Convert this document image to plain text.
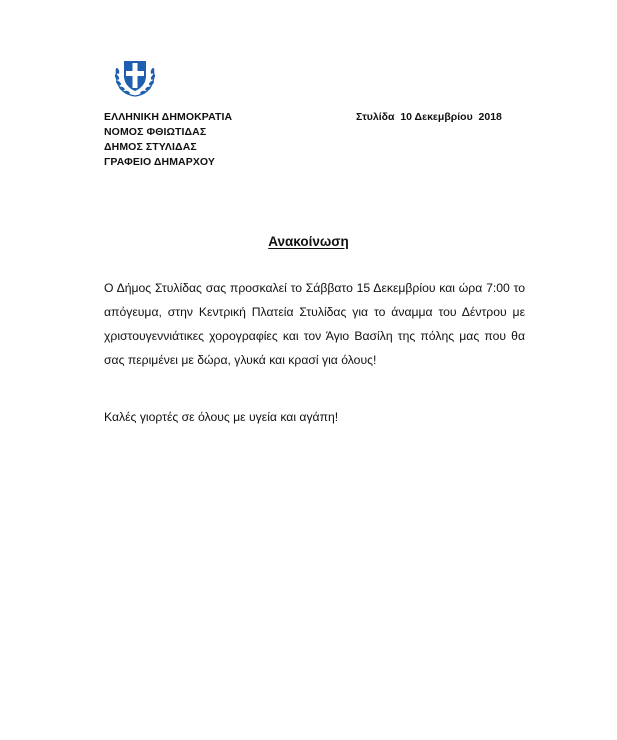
ΕΛΛΗΝΙΚΗ ΔΗΜΟΚΡΑΤΙΑ
ΝΟΜΟΣ ΦΘΙΩΤΙΔΑΣ
ΔΗΜΟΣ ΣΤΥΛΙΔΑΣ
ΓΡΑΦΕΙΟ ΔΗΜΑΡΧΟΥ
Στυλίδα  10 Δεκεμβρίου  2018
Ανακοίνωση

Ο Δήμος Στυλίδας σας προσκαλεί το Σάββατο 15 Δεκεμβρίου και ώρα 7:00 το απόγευμα, στην Κεντρική Πλατεία Στυλίδας για το άναμμα του Δέντρου με χριστουγεννιάτικες χορογραφίες και τον Άγιο Βασίλη της πόλης μας που θα σας περιμένει με δώρα, γλυκά και κρασί για όλους!

Καλές γιορτές σε όλους με υγεία και αγάπη!
